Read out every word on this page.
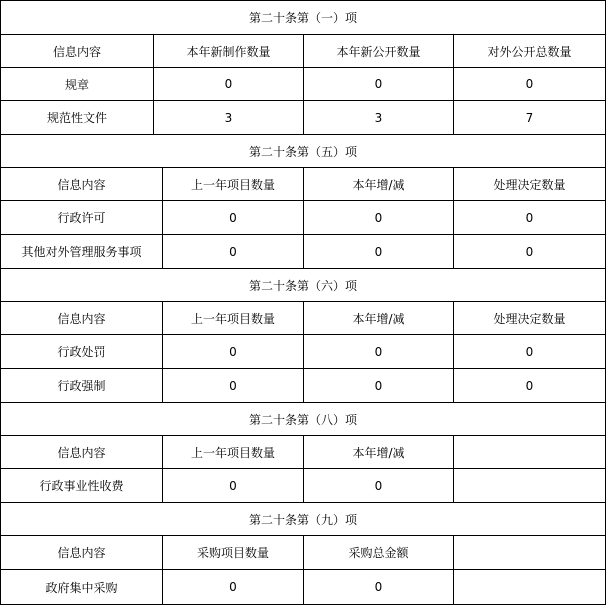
第二十条第（一）项
信息内容	本年新制作数量	本年新公开数量	对外公开总数量
规章	0	0	0
规范性文件	3	3	7
第二十条第（五）项
信息内容	上一年项目数量	本年增/减	处理决定数量
行政许可	0	0	0
其他对外管理服务事项	0	0	0
第二十条第（六）项
信息内容	上一年项目数量	本年增/减	处理决定数量
行政处罚	0	0	0
行政强制	0	0	0
第二十条第（八）项
信息内容	上一年项目数量	本年增/减
行政事业性收费	0	0
第二十条第（九）项
信息内容	采购项目数量	采购总金额
政府集中采购	0	0
